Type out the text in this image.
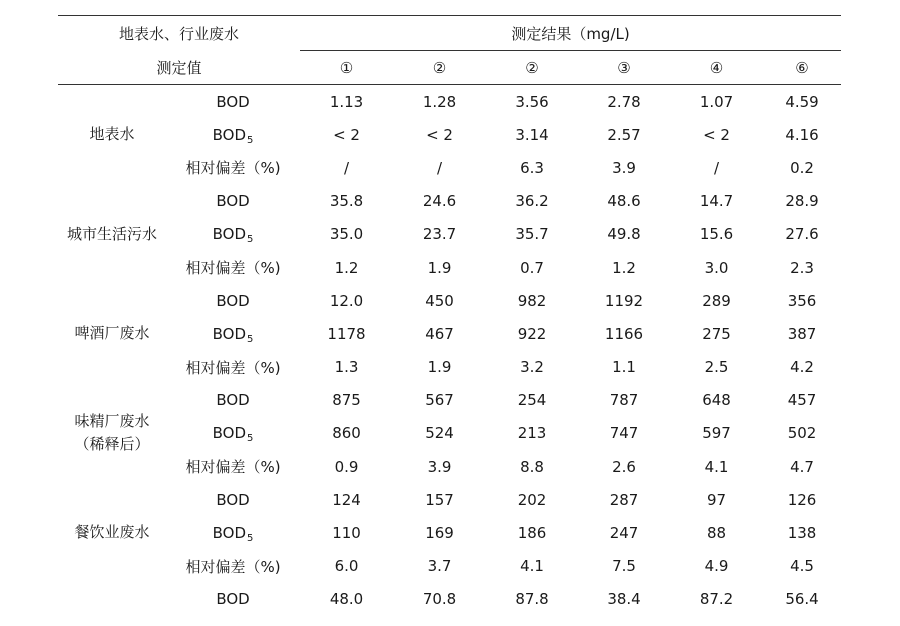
地表水、行业废水		测定结果（mg/L)					
测定值		①	②	②	③	④	⑥

地表水	BOD	1.13	1.28	3.56	2.78	1.07	4.59
	$BOD_5$	< 2	< 2	3.14	2.57	< 2	4.16
	相对偏差（%)	/	/	6.3	3.9	/	0.2

城市生活污水	BOD	35.8	24.6	36.2	48.6	14.7	28.9
	$BOD_5$	35.0	23.7	35.7	49.8	15.6	27.6
	相对偏差（%)	1.2	1.9	0.7	1.2	3.0	2.3

啤酒厂废水	BOD	12.0	450	982	1192	289	356
	$BOD_5$	1178	467	922	1166	275	387
	相对偏差（%)	1.3	1.9	3.2	1.1	2.5	4.2

味精厂废水
（稀释后）	BOD	875	567	254	787	648	457
	$BOD_5$	860	524	213	747	597	502
	相对偏差（%)	0.9	3.9	8.8	2.6	4.1	4.7

餐饮业废水	BOD	124	157	202	287	97	126
	$BOD_5$	110	169	186	247	88	138
	相对偏差（%)	6.0	3.7	4.1	7.5	4.9	4.5
	BOD	48.0	70.8	87.8	38.4	87.2	56.4
